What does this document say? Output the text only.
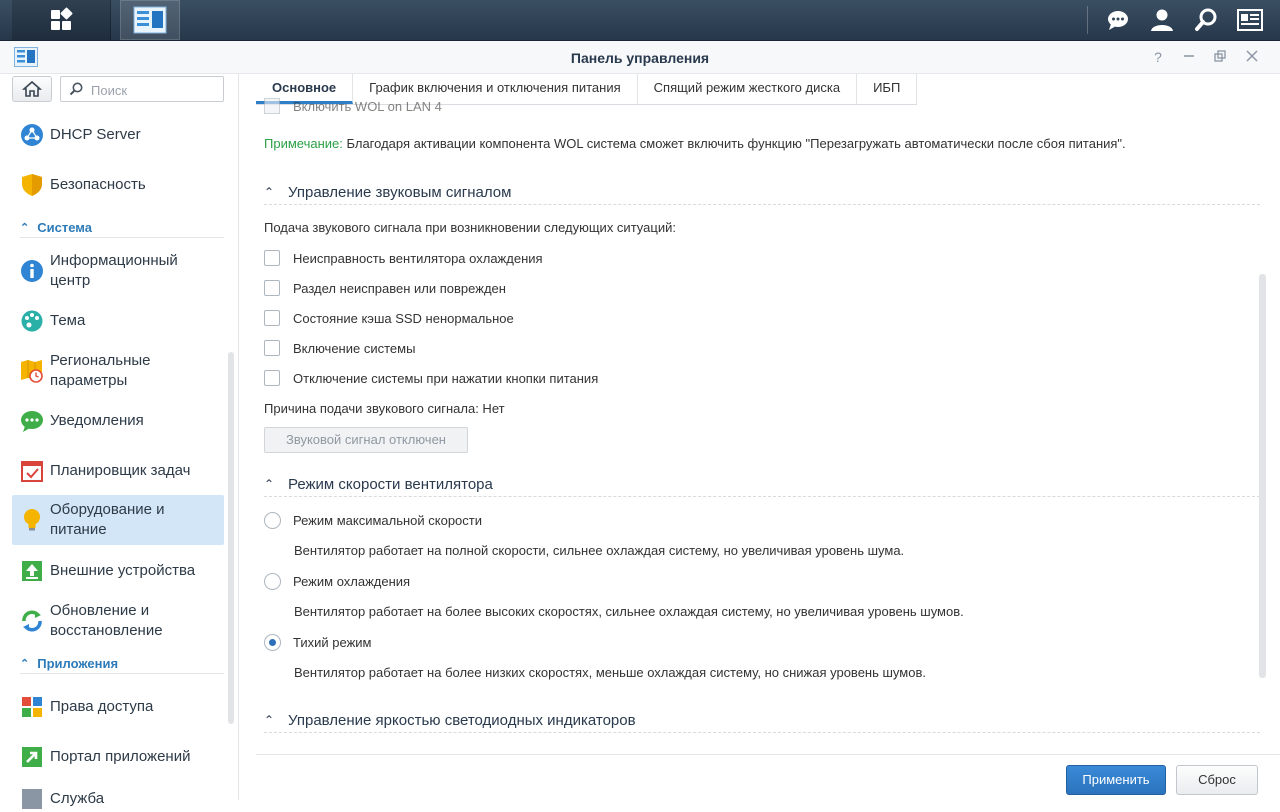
Панель управления	?
Поиск
DHCP Server
Безопасность
⌃ Система
Информационный
центр
Тема
Региональные
параметры
Уведомления
Планировщик задач
Оборудование и
питание
Внешние устройства
Обновление и
восстановление
⌃ Приложения
Права доступа
Портал приложений
Служба
Основное	График включения и отключения питания	Спящий режим жесткого диска	ИБП
Включить WOL on LAN 4
Примечание: Благодаря активации компонента WOL система сможет включить функцию "Перезагружать автоматически после сбоя питания".
⌃ Управление звуковым сигналом
Подача звукового сигнала при возникновении следующих ситуаций:
Неисправность вентилятора охлаждения
Раздел неисправен или поврежден
Состояние кэша SSD ненормальное
Включение системы
Отключение системы при нажатии кнопки питания
Причина подачи звукового сигнала: Нет
Звуковой сигнал отключен
⌃ Режим скорости вентилятора
Режим максимальной скорости
Вентилятор работает на полной скорости, сильнее охлаждая систему, но увеличивая уровень шума.
Режим охлаждения
Вентилятор работает на более высоких скоростях, сильнее охлаждая систему, но увеличивая уровень шумов.
Тихий режим
Вентилятор работает на более низких скоростях, меньше охлаждая систему, но снижая уровень шумов.
⌃ Управление яркостью светодиодных индикаторов
Применить	Сброс
